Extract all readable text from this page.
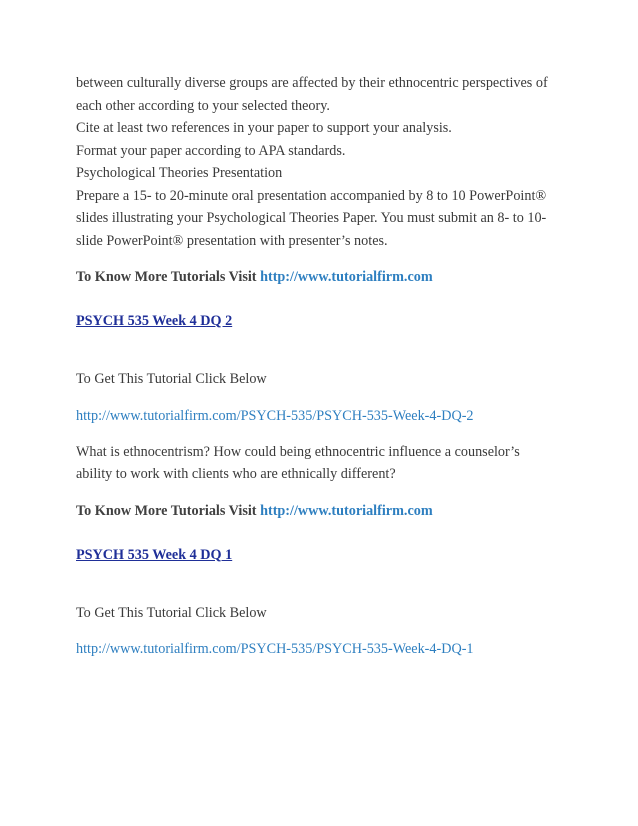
between culturally diverse groups are affected by their ethnocentric perspectives of

each other according to your selected theory.

Cite at least two references in your paper to support your analysis.

Format your paper according to APA standards.

Psychological Theories Presentation

Prepare a 15- to 20-minute oral presentation accompanied by 8 to 10 PowerPoint®

slides illustrating your Psychological Theories Paper. You must submit an 8- to 10-

slide PowerPoint® presentation with presenter’s notes.

To Know More Tutorials Visit http://www.tutorialfirm.com

PSYCH 535 Week 4 DQ 2

To Get This Tutorial Click Below

http://www.tutorialfirm.com/PSYCH-535/PSYCH-535-Week-4-DQ-2

What is ethnocentrism? How could being ethnocentric influence a counselor’s

ability to work with clients who are ethnically different?

To Know More Tutorials Visit http://www.tutorialfirm.com

PSYCH 535 Week 4 DQ 1

To Get This Tutorial Click Below

http://www.tutorialfirm.com/PSYCH-535/PSYCH-535-Week-4-DQ-1
